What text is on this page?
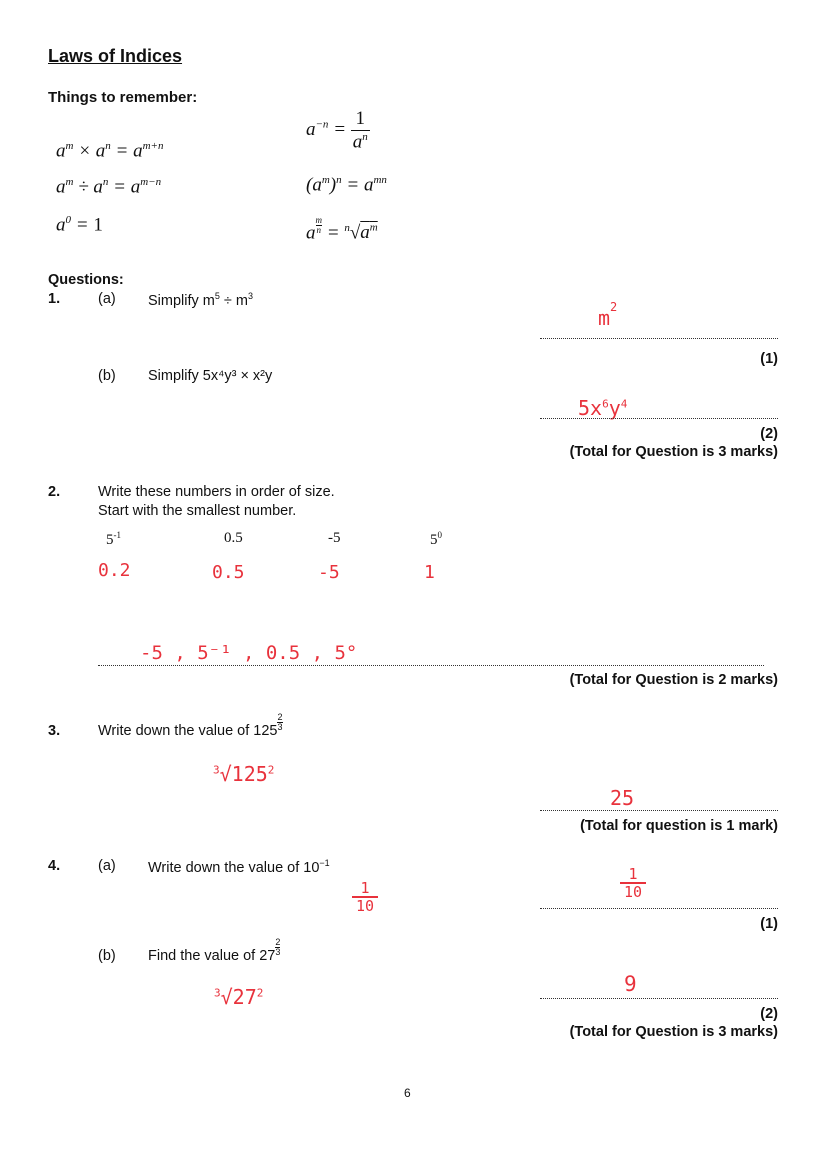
Laws of Indices
Things to remember:
$a^m \times a^n = a^{m+n}$
$a^m \div a^n = a^{m-n}$
$a^0 = 1$
$a^{-n} = \frac{1}{a^n}$
$(a^m)^n = a^{mn}$
a $\frac{m}{n} = ^n√a^m$
Questions:
1.	(a) Simplify $m^5 \div m^3$
$m^2$
(1)
(b) Simplify 5x⁴y³ × x²y
$5x^6y^4$
(2)
(Total for Question is 3 marks)
2.	Write these numbers in order of size.
Start with the smallest number.
$5^{-1}$	0.5	-5	$5^0$
0.2	0.5	-5	1
-5 , 5⁻¹ , 0.5 , 5°
(Total for Question is 2 marks)
3.	Write down the value of $125 \frac{2}{3}$
$^3√125^2$
25
(Total for question is 1 mark)
4.	(a) Write down the value of $10^{-1}$
$\frac{1}{10}$	$\frac{1}{10}$
(1)
(b) Find the value of $27 \frac{2}{3}$
$^3√27^2$	9
(2)
(Total for Question is 3 marks)
6
